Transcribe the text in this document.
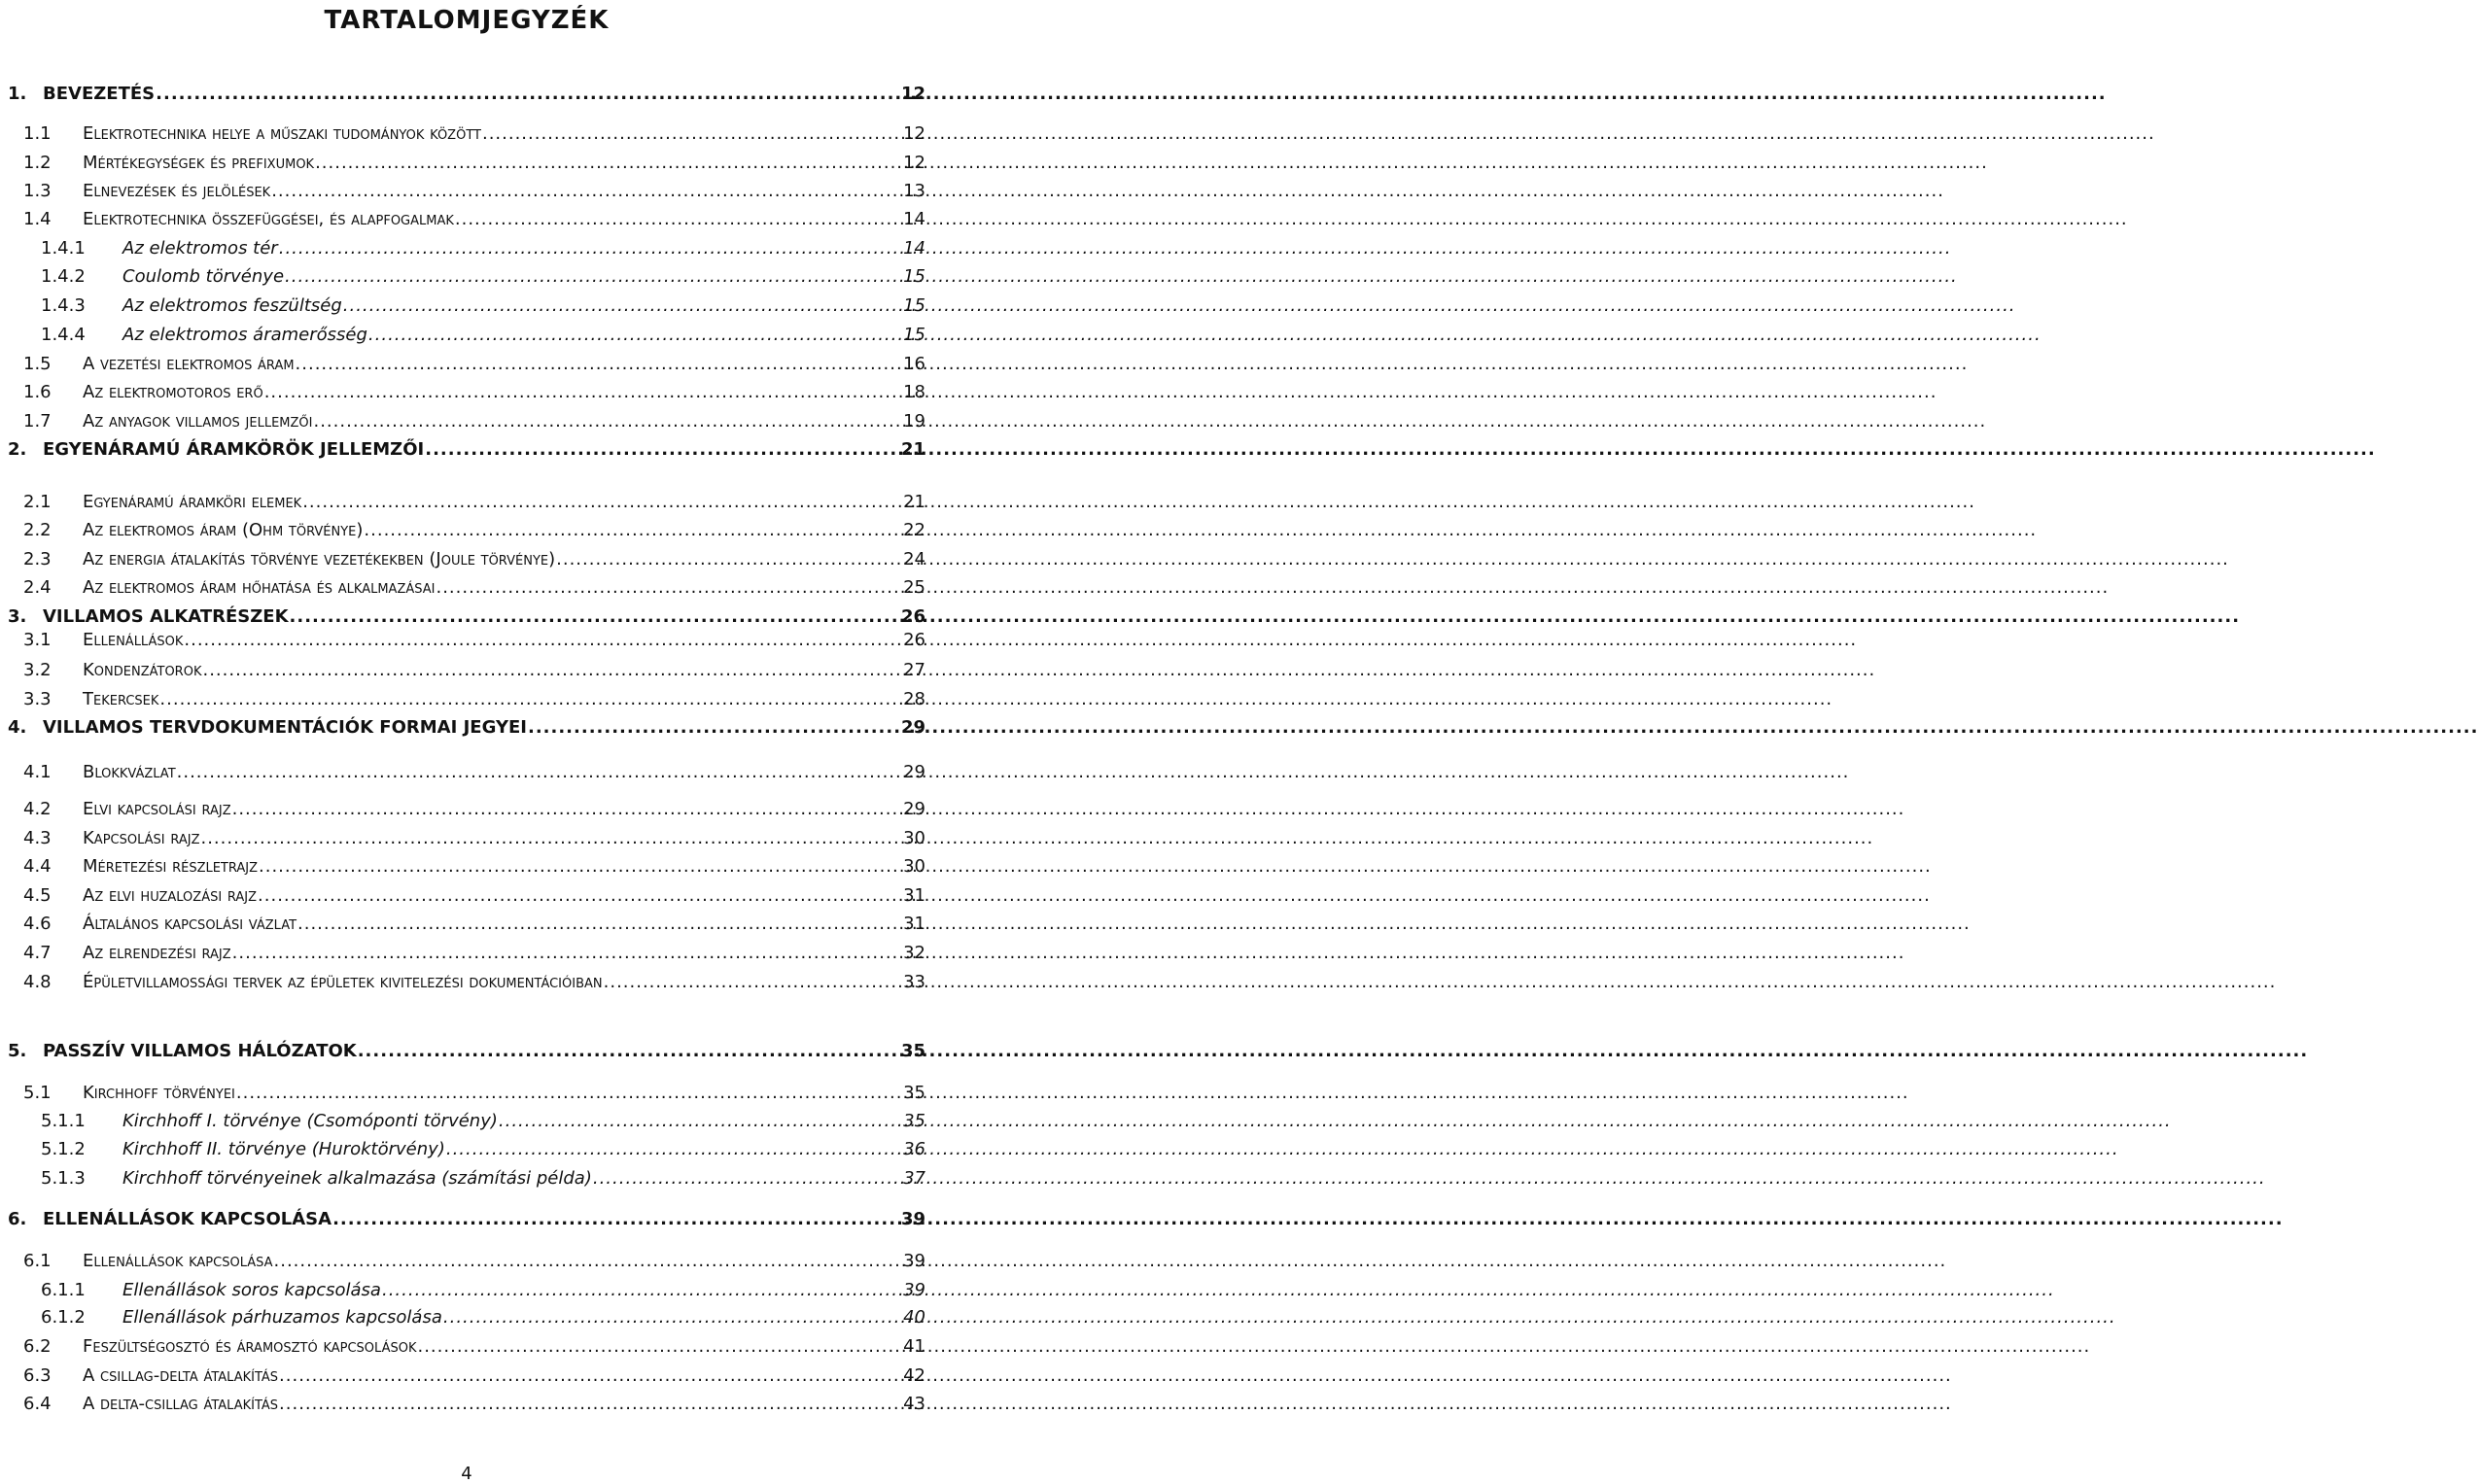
TARTALOMJEGYZÉK
1. BEVEZETÉS .....	12
1.1	Elektrotechnika helye a műszaki tudományok között .....	12
1.2	Mértékegységek és prefixumok .....	12
1.3	Elnevezések és jelölések .....	13
1.4	Elektrotechnika összefüggései, és alapfogalmak .....	14
1.4.1	Az elektromos tér .....	14
1.4.2	Coulomb törvénye .....	15
1.4.3	Az elektromos feszültség .....	15
1.4.4	Az elektromos áramerősség .....	15
1.5	A vezetési elektromos áram .....	16
1.6	Az elektromotoros erő .....	18
1.7	Az anyagok villamos jellemzői .....	19
2. EGYENÁRAMÚ ÁRAMKÖRÖK JELLEMZŐI .....	21
2.1	Egyenáramú áramköri elemek .....	21
2.2	Az elektromos áram (Ohm törvénye) .....	22
2.3	Az energia átalakítás törvénye vezetékekben (Joule törvénye) .....	24
2.4	Az elektromos áram hőhatása és alkalmazásai .....	25
3. VILLAMOS ALKATRÉSZEK .....	26
3.1	Ellenállások .....	26
3.2	Kondenzátorok .....	27
3.3	Tekercsek .....	28
4. VILLAMOS TERVDOKUMENTÁCIÓK FORMAI JEGYEI .....	29
4.1	Blokkvázlat .....	29
4.2	Elvi kapcsolási rajz .....	29
4.3	Kapcsolási rajz .....	30
4.4	Méretezési részletrajz .....	30
4.5	Az elvi huzalozási rajz .....	31
4.6	Általános kapcsolási vázlat .....	31
4.7	Az elrendezési rajz .....	32
4.8	Épületvillamossági tervek az épületek kivitelezési dokumentációiban .....	33
5. PASSZÍV VILLAMOS HÁLÓZATOK .....	35
5.1	Kirchhoff törvényei .....	35
5.1.1	Kirchhoff I. törvénye (Csomóponti törvény) .....	35
5.1.2	Kirchhoff II. törvénye (Huroktörvény) .....	36
5.1.3	Kirchhoff törvényeinek alkalmazása (számítási példa) .....	37
6. ELLENÁLLÁSOK KAPCSOLÁSA .....	39
6.1	Ellenállások kapcsolása .....	39
6.1.1	Ellenállások soros kapcsolása .....	39
6.1.2	Ellenállások párhuzamos kapcsolása .....	40
6.2	Feszültségosztó és áramosztó kapcsolások .....	41
6.3	A csillag-delta átalakítás .....	42
6.4	A delta-csillag átalakítás .....	43
4
